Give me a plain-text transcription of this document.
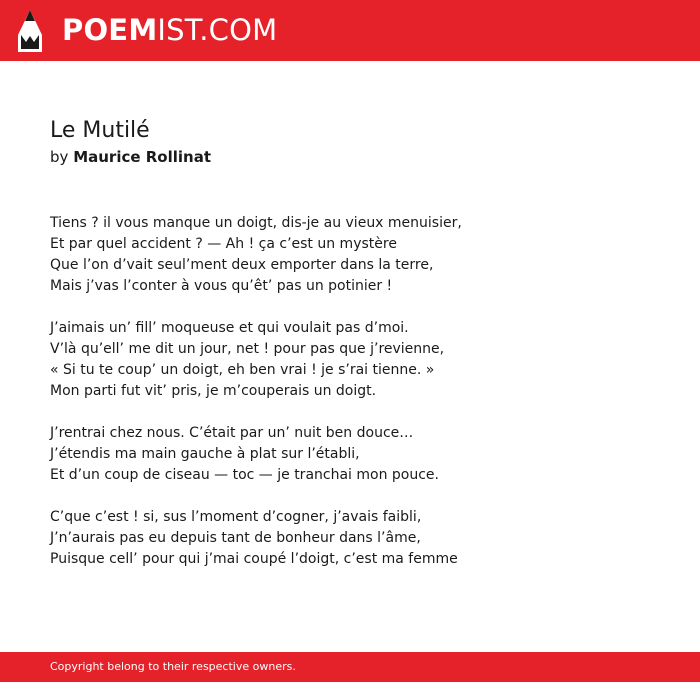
POEMIST.COM
Le Mutilé
by Maurice Rollinat
Tiens ? il vous manque un doigt, dis-je au vieux menuisier,
Et par quel accident ? — Ah ! ça c’est un mystère
Que l’on d’vait seul’ment deux emporter dans la terre,
Mais j’vas l’conter à vous qu’êt’ pas un potinier !
J’aimais un’ fill’ moqueuse et qui voulait pas d’moi.
V’là qu’ell’ me dit un jour, net ! pour pas que j’revienne,
« Si tu te coup’ un doigt, eh ben vrai ! je s’rai tienne. »
Mon parti fut vit’ pris, je m’couperais un doigt.
J’rentrai chez nous. C’était par un’ nuit ben douce…
J’étendis ma main gauche à plat sur l’établi,
Et d’un coup de ciseau — toc — je tranchai mon pouce.
C’que c’est ! si, sus l’moment d’cogner, j’avais faibli,
J’n’aurais pas eu depuis tant de bonheur dans l’âme,
Puisque cell’ pour qui j’mai coupé l’doigt, c’est ma femme
Copyright belong to their respective owners.
